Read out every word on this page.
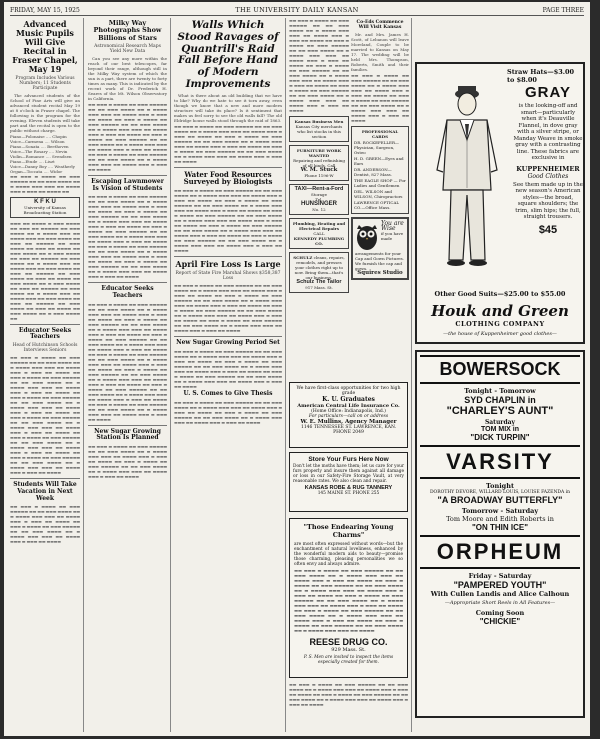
FRIDAY, MAY 15, 1925	THE UNIVERSITY DAILY KANSAN	PAGE THREE
Advanced Music Pupils Will Give Recital in Fraser Chapel, May 19
Program Includes Various Numbers; 11 Students Participate

The advanced students of the School of Fine Arts will give an advanced student recital May 19 at 8 o'clock in Fraser chapel. The following is the program for the evening. Eleven students will take part and the recital is open to the public without charge.

Piano—Polonaise .... Chopin
Voice—Carmena .... Wilson
Piano—Sonata .... Beethoven
Voice—The Rosary .... Nevin
Violin—Romance .... Svendsen
Piano—Etude .... Liszt
Voice—Danny Boy .... Weatherly
Organ—Toccata .... Widor
▬▬ ▬▬▬ ▬ ▬▬▬▬ ▬▬ ▬▬▬ ▬▬▬▬▬ ▬▬ ▬▬ ▬▬▬ ▬▬▬▬ ▬▬ ▬ ▬▬▬▬ ▬▬▬ ▬▬▬ ▬▬ ▬▬▬▬ ▬▬▬ ▬ ▬▬▬ ▬▬ ▬▬▬▬ ▬▬
K F K U
University of Kansas Broadcasting Station
▬▬▬ ▬▬ ▬▬▬▬ ▬ ▬▬▬ ▬▬▬▬ ▬▬ ▬▬▬ ▬▬ ▬▬▬▬▬ ▬▬ ▬▬▬ ▬▬▬▬ ▬▬ ▬ ▬▬▬▬ ▬▬▬ ▬▬ ▬▬▬▬ ▬▬▬ ▬▬ ▬▬▬ ▬▬▬▬ ▬▬ ▬▬▬ ▬▬ ▬▬▬▬▬ ▬▬ ▬▬▬ ▬▬▬▬ ▬▬ ▬▬▬ ▬▬ ▬▬▬▬ ▬▬ ▬▬▬ ▬▬▬▬ ▬▬ ▬ ▬▬▬ ▬▬▬▬ ▬▬ ▬▬▬ ▬▬ ▬▬▬▬▬ ▬▬ ▬▬▬ ▬▬▬▬ ▬▬ ▬ ▬▬▬▬ ▬▬▬ ▬▬ ▬▬▬▬ ▬▬▬ ▬▬ ▬▬▬ ▬▬▬▬ ▬▬ ▬▬▬ ▬▬ ▬▬▬▬▬ ▬▬ ▬▬▬ ▬▬▬▬ ▬▬ ▬▬▬ ▬▬ ▬▬▬▬ ▬▬ ▬▬▬ ▬▬▬▬ ▬▬ ▬ ▬▬▬ ▬▬▬▬ ▬▬ ▬▬▬ ▬▬ ▬▬▬▬▬ ▬▬ ▬▬▬ ▬▬▬▬ ▬▬ ▬ ▬▬▬▬ ▬▬▬ ▬▬ ▬▬▬▬ ▬▬▬ ▬▬ ▬▬▬ ▬▬▬▬ ▬▬ ▬▬▬ ▬▬ ▬▬▬▬▬ ▬▬ ▬▬▬ ▬▬▬▬ ▬▬ ▬▬▬ ▬▬ ▬▬▬▬ ▬▬ ▬▬▬ ▬▬▬▬ ▬▬ ▬ ▬▬▬ ▬▬▬▬ ▬▬
Educator Seeks Teachers
Head of Hutchinson Schools Interviews Seniors
▬▬ ▬▬▬ ▬ ▬▬▬▬ ▬▬ ▬▬▬ ▬▬▬▬▬ ▬▬ ▬▬ ▬▬▬ ▬▬▬▬ ▬▬ ▬ ▬▬▬▬ ▬▬▬ ▬▬▬ ▬▬ ▬▬▬▬ ▬▬▬ ▬ ▬▬▬ ▬▬ ▬▬▬▬ ▬▬ ▬▬▬ ▬ ▬▬▬▬ ▬▬ ▬▬▬ ▬▬▬▬▬ ▬▬ ▬▬ ▬▬▬ ▬▬▬▬ ▬▬ ▬ ▬▬▬▬ ▬▬▬ ▬▬▬ ▬▬ ▬▬▬▬ ▬▬▬ ▬ ▬▬▬ ▬▬ ▬▬▬▬ ▬▬ ▬▬▬ ▬ ▬▬▬▬ ▬▬ ▬▬▬ ▬▬▬▬▬ ▬▬ ▬▬ ▬▬▬ ▬▬▬▬ ▬▬ ▬ ▬▬▬▬ ▬▬▬ ▬▬▬ ▬▬ ▬▬▬▬ ▬▬▬ ▬ ▬▬▬ ▬▬ ▬▬▬▬ ▬▬ ▬▬▬ ▬ ▬▬▬▬ ▬▬ ▬▬▬ ▬▬▬▬▬ ▬▬ ▬▬ ▬▬▬ ▬▬▬▬ ▬▬ ▬ ▬▬▬▬ ▬▬▬ ▬▬▬ ▬▬ ▬▬▬▬ ▬▬▬ ▬ ▬▬▬ ▬▬ ▬▬▬▬ ▬▬ ▬▬▬ ▬ ▬▬▬▬ ▬▬ ▬▬▬ ▬▬▬▬▬ ▬▬ ▬▬ ▬▬▬ ▬▬▬▬ ▬▬ ▬ ▬▬▬▬ ▬▬▬ ▬▬▬ ▬▬ ▬▬▬▬ ▬▬▬ ▬ ▬▬▬ ▬▬ ▬▬▬▬ ▬▬ ▬▬▬ ▬ ▬▬▬▬ ▬▬ ▬▬▬ ▬▬▬▬▬ ▬▬ ▬▬ ▬▬▬ ▬▬▬▬ ▬▬ ▬ ▬▬▬▬ ▬▬▬ ▬▬▬ ▬▬ ▬▬▬▬ ▬▬▬ ▬ ▬▬▬ ▬▬ ▬▬▬▬
Students Will Take Vacation in Next Week
▬▬ ▬▬▬ ▬ ▬▬▬▬ ▬▬ ▬▬▬ ▬▬▬▬▬ ▬▬ ▬▬ ▬▬▬ ▬▬▬▬ ▬▬ ▬ ▬▬▬▬ ▬▬▬ ▬▬▬ ▬▬ ▬▬▬▬ ▬▬▬ ▬ ▬▬▬ ▬▬ ▬▬▬▬ ▬▬ ▬▬▬ ▬ ▬▬▬▬ ▬▬ ▬▬▬ ▬▬▬▬▬ ▬▬ ▬▬ ▬▬▬ ▬▬▬▬ ▬▬ ▬ ▬▬▬▬ ▬▬▬ ▬▬▬ ▬▬ ▬▬▬▬ ▬▬▬ ▬ ▬▬▬ ▬▬ ▬▬▬▬
Milky Way Photographs Show Billions of Stars
Astronomical Research Maps Yield New Data

Can you see any more within the reach of our best telescopes, far beyond their range, although still in the Milky Way system of which the sun is a part, there are twenty to forty times as many. This is indicated by the recent work of Dr. Frederick H. Seares of the Mt. Wilson Observatory in California.

▬▬ ▬▬▬ ▬ ▬▬▬▬ ▬▬ ▬▬▬ ▬▬▬▬▬ ▬▬ ▬▬ ▬▬▬ ▬▬▬▬ ▬▬ ▬ ▬▬▬▬ ▬▬▬ ▬▬▬ ▬▬ ▬▬▬▬ ▬▬▬ ▬ ▬▬▬ ▬▬ ▬▬▬▬ ▬▬ ▬▬▬ ▬ ▬▬▬▬ ▬▬ ▬▬▬ ▬▬▬▬▬ ▬▬ ▬▬ ▬▬▬ ▬▬▬▬ ▬▬ ▬ ▬▬▬▬ ▬▬▬ ▬▬▬ ▬▬ ▬▬▬▬ ▬▬▬ ▬ ▬▬▬ ▬▬ ▬▬▬▬ ▬▬ ▬▬▬ ▬ ▬▬▬▬ ▬▬ ▬▬▬ ▬▬▬▬▬ ▬▬ ▬▬ ▬▬▬ ▬▬▬▬ ▬▬ ▬ ▬▬▬▬ ▬▬▬ ▬▬▬ ▬▬ ▬▬▬▬ ▬▬▬ ▬ ▬▬▬ ▬▬ ▬▬▬▬ ▬▬ ▬▬▬ ▬ ▬▬▬▬ ▬▬ ▬▬▬ ▬▬▬▬▬ ▬▬ ▬▬ ▬▬▬ ▬▬▬▬ ▬▬ ▬ ▬▬▬▬ ▬▬▬ ▬▬▬ ▬▬ ▬▬▬▬ ▬▬▬ ▬ ▬▬▬ ▬▬ ▬▬▬▬
Escaping Lawnmower Is Vision of Students
▬▬ ▬▬▬ ▬ ▬▬▬▬ ▬▬ ▬▬▬ ▬▬▬▬▬ ▬▬ ▬▬ ▬▬▬ ▬▬▬▬ ▬▬ ▬ ▬▬▬▬ ▬▬▬ ▬▬▬ ▬▬ ▬▬▬▬ ▬▬▬ ▬ ▬▬▬ ▬▬ ▬▬▬▬ ▬▬ ▬▬▬ ▬ ▬▬▬▬ ▬▬ ▬▬▬ ▬▬▬▬▬ ▬▬ ▬▬ ▬▬▬ ▬▬▬▬ ▬▬ ▬ ▬▬▬▬ ▬▬▬ ▬▬▬ ▬▬ ▬▬▬▬ ▬▬▬ ▬ ▬▬▬ ▬▬ ▬▬▬▬ ▬▬ ▬▬▬ ▬ ▬▬▬▬ ▬▬ ▬▬▬ ▬▬▬▬▬ ▬▬ ▬▬ ▬▬▬ ▬▬▬▬ ▬▬ ▬ ▬▬▬▬ ▬▬▬ ▬▬▬ ▬▬ ▬▬▬▬ ▬▬▬ ▬ ▬▬▬ ▬▬ ▬▬▬▬ ▬▬ ▬▬▬ ▬ ▬▬▬▬ ▬▬ ▬▬▬ ▬▬▬▬▬ ▬▬ ▬▬ ▬▬▬ ▬▬▬▬ ▬▬ ▬ ▬▬▬▬ ▬▬▬ ▬▬▬ ▬▬ ▬▬▬▬ ▬▬▬ ▬ ▬▬▬ ▬▬ ▬▬▬▬ ▬▬ ▬▬▬ ▬ ▬▬▬▬ ▬▬ ▬▬▬ ▬▬▬▬▬ ▬▬ ▬▬ ▬▬▬ ▬▬▬▬ ▬▬ ▬ ▬▬▬▬ ▬▬▬ ▬▬▬ ▬▬ ▬▬▬▬ ▬▬▬ ▬ ▬▬▬ ▬▬ ▬▬▬▬
Educator Seeks Teachers
▬▬ ▬▬▬ ▬ ▬▬▬▬ ▬▬ ▬▬▬ ▬▬▬▬▬ ▬▬ ▬▬ ▬▬▬ ▬▬▬▬ ▬▬ ▬ ▬▬▬▬ ▬▬▬ ▬▬▬ ▬▬ ▬▬▬▬ ▬▬▬ ▬ ▬▬▬ ▬▬ ▬▬▬▬ ▬▬ ▬▬▬ ▬ ▬▬▬▬ ▬▬ ▬▬▬ ▬▬▬▬▬ ▬▬ ▬▬ ▬▬▬ ▬▬▬▬ ▬▬ ▬ ▬▬▬▬ ▬▬▬ ▬▬▬ ▬▬ ▬▬▬▬ ▬▬▬ ▬ ▬▬▬ ▬▬ ▬▬▬▬ ▬▬ ▬▬▬ ▬ ▬▬▬▬ ▬▬ ▬▬▬ ▬▬▬▬▬ ▬▬ ▬▬ ▬▬▬ ▬▬▬▬ ▬▬ ▬ ▬▬▬▬ ▬▬▬ ▬▬▬ ▬▬ ▬▬▬▬ ▬▬▬ ▬ ▬▬▬ ▬▬ ▬▬▬▬ ▬▬ ▬▬▬ ▬ ▬▬▬▬ ▬▬ ▬▬▬ ▬▬▬▬▬ ▬▬ ▬▬ ▬▬▬ ▬▬▬▬ ▬▬ ▬ ▬▬▬▬ ▬▬▬ ▬▬▬ ▬▬ ▬▬▬▬ ▬▬▬ ▬ ▬▬▬ ▬▬ ▬▬▬▬ ▬▬ ▬▬▬ ▬ ▬▬▬▬ ▬▬ ▬▬▬ ▬▬▬▬▬ ▬▬ ▬▬ ▬▬▬ ▬▬▬▬ ▬▬ ▬ ▬▬▬▬ ▬▬▬ ▬▬▬ ▬▬ ▬▬▬▬ ▬▬▬ ▬ ▬▬▬ ▬▬ ▬▬▬▬ ▬▬ ▬▬▬ ▬ ▬▬▬▬ ▬▬ ▬▬▬ ▬▬▬▬▬ ▬▬ ▬▬ ▬▬▬ ▬▬▬▬ ▬▬ ▬ ▬▬▬▬ ▬▬▬ ▬▬▬ ▬▬ ▬▬▬▬ ▬▬▬ ▬ ▬▬▬ ▬▬ ▬▬▬▬ ▬▬ ▬▬▬ ▬ ▬▬▬▬ ▬▬ ▬▬▬ ▬▬▬▬▬ ▬▬ ▬▬ ▬▬▬ ▬▬▬▬ ▬▬ ▬ ▬▬▬▬ ▬▬▬ ▬▬▬ ▬▬ ▬▬▬▬ ▬▬▬ ▬ ▬▬▬ ▬▬ ▬▬▬▬
New Sugar Growing Station Is Planned
▬▬ ▬▬▬ ▬ ▬▬▬▬ ▬▬ ▬▬▬ ▬▬▬▬▬ ▬▬ ▬▬ ▬▬▬ ▬▬▬▬ ▬▬ ▬ ▬▬▬▬ ▬▬▬ ▬▬▬ ▬▬ ▬▬▬▬ ▬▬▬ ▬ ▬▬▬ ▬▬ ▬▬▬▬ ▬▬ ▬▬▬ ▬ ▬▬▬▬ ▬▬ ▬▬▬ ▬▬▬▬▬ ▬▬ ▬▬ ▬▬▬ ▬▬▬▬ ▬▬ ▬ ▬▬▬▬ ▬▬▬ ▬▬▬ ▬▬ ▬▬▬▬ ▬▬▬ ▬ ▬▬▬ ▬▬ ▬▬▬▬
Walls Which Stood Ravages of Quantrill's Raid Fall Before Hand of Modern Improvements

What is there about an old building that we have to like? Why do we hate to see it torn away, even though we know that a new and more modern structure will take its place? Is it sentiment that makes us feel sorry to see the old walls fall? The old Eldridge house walls stood through the raid of 1863.

▬▬ ▬▬▬ ▬ ▬▬▬▬ ▬▬ ▬▬▬ ▬▬▬▬▬ ▬▬ ▬▬ ▬▬▬ ▬▬▬▬ ▬▬ ▬ ▬▬▬▬ ▬▬▬ ▬▬▬ ▬▬ ▬▬▬▬ ▬▬▬ ▬ ▬▬▬ ▬▬ ▬▬▬▬ ▬▬ ▬▬▬ ▬ ▬▬▬▬ ▬▬ ▬▬▬ ▬▬▬▬▬ ▬▬ ▬▬ ▬▬▬ ▬▬▬▬ ▬▬ ▬ ▬▬▬▬ ▬▬▬ ▬▬▬ ▬▬ ▬▬▬▬ ▬▬▬ ▬ ▬▬▬ ▬▬ ▬▬▬▬ ▬▬ ▬▬▬ ▬ ▬▬▬▬ ▬▬ ▬▬▬ ▬▬▬▬▬ ▬▬ ▬▬ ▬▬▬ ▬▬▬▬ ▬▬ ▬ ▬▬▬▬ ▬▬▬ ▬▬▬ ▬▬ ▬▬▬▬ ▬▬▬ ▬ ▬▬▬ ▬▬ ▬▬▬▬
Water Food Resources Surveyed by Biologists
▬▬ ▬▬▬ ▬ ▬▬▬▬ ▬▬ ▬▬▬ ▬▬▬▬▬ ▬▬ ▬▬ ▬▬▬ ▬▬▬▬ ▬▬ ▬ ▬▬▬▬ ▬▬▬ ▬▬▬ ▬▬ ▬▬▬▬ ▬▬▬ ▬ ▬▬▬ ▬▬ ▬▬▬▬ ▬▬ ▬▬▬ ▬ ▬▬▬▬ ▬▬ ▬▬▬ ▬▬▬▬▬ ▬▬ ▬▬ ▬▬▬ ▬▬▬▬ ▬▬ ▬ ▬▬▬▬ ▬▬▬ ▬▬▬ ▬▬ ▬▬▬▬ ▬▬▬ ▬ ▬▬▬ ▬▬ ▬▬▬▬ ▬▬ ▬▬▬ ▬ ▬▬▬▬ ▬▬ ▬▬▬ ▬▬▬▬▬ ▬▬ ▬▬ ▬▬▬ ▬▬▬▬ ▬▬ ▬ ▬▬▬▬ ▬▬▬ ▬▬▬ ▬▬ ▬▬▬▬ ▬▬▬ ▬ ▬▬▬ ▬▬ ▬▬▬▬ ▬▬ ▬▬▬ ▬ ▬▬▬▬ ▬▬ ▬▬▬ ▬▬▬▬▬ ▬▬ ▬▬ ▬▬▬ ▬▬▬▬ ▬▬ ▬ ▬▬▬▬ ▬▬▬ ▬▬▬ ▬▬ ▬▬▬▬ ▬▬▬ ▬ ▬▬▬ ▬▬ ▬▬▬▬ ▬▬ ▬▬▬ ▬ ▬▬▬▬ ▬▬ ▬▬▬ ▬▬▬▬▬ ▬▬ ▬▬ ▬▬▬ ▬▬▬▬ ▬▬ ▬ ▬▬▬▬ ▬▬▬ ▬▬▬ ▬▬ ▬▬▬▬ ▬▬▬ ▬ ▬▬▬ ▬▬ ▬▬▬▬
April Fire Loss Is Large
Report of State Fire Marshal Shows $358,387 Loss
▬▬ ▬▬▬ ▬ ▬▬▬▬ ▬▬ ▬▬▬ ▬▬▬▬▬ ▬▬ ▬▬ ▬▬▬ ▬▬▬▬ ▬▬ ▬ ▬▬▬▬ ▬▬▬ ▬▬▬ ▬▬ ▬▬▬▬ ▬▬▬ ▬ ▬▬▬ ▬▬ ▬▬▬▬ ▬▬ ▬▬▬ ▬ ▬▬▬▬ ▬▬ ▬▬▬ ▬▬▬▬▬ ▬▬ ▬▬ ▬▬▬ ▬▬▬▬ ▬▬ ▬ ▬▬▬▬ ▬▬▬ ▬▬▬ ▬▬ ▬▬▬▬ ▬▬▬ ▬ ▬▬▬ ▬▬ ▬▬▬▬ ▬▬ ▬▬▬ ▬ ▬▬▬▬ ▬▬ ▬▬▬ ▬▬▬▬▬ ▬▬ ▬▬ ▬▬▬ ▬▬▬▬ ▬▬ ▬ ▬▬▬▬ ▬▬▬ ▬▬▬ ▬▬ ▬▬▬▬ ▬▬▬ ▬ ▬▬▬ ▬▬ ▬▬▬▬ ▬▬ ▬▬▬ ▬ ▬▬▬▬ ▬▬ ▬▬▬ ▬▬▬▬▬ ▬▬ ▬▬ ▬▬▬ ▬▬▬▬ ▬▬ ▬ ▬▬▬▬ ▬▬▬ ▬▬▬ ▬▬ ▬▬▬▬ ▬▬▬ ▬ ▬▬▬ ▬▬ ▬▬▬▬
New Sugar Growing Period Set
▬▬ ▬▬▬ ▬ ▬▬▬▬ ▬▬ ▬▬▬ ▬▬▬▬▬ ▬▬ ▬▬ ▬▬▬ ▬▬▬▬ ▬▬ ▬ ▬▬▬▬ ▬▬▬ ▬▬▬ ▬▬ ▬▬▬▬ ▬▬▬ ▬ ▬▬▬ ▬▬ ▬▬▬▬ ▬▬ ▬▬▬ ▬ ▬▬▬▬ ▬▬ ▬▬▬ ▬▬▬▬▬ ▬▬ ▬▬ ▬▬▬ ▬▬▬▬ ▬▬ ▬ ▬▬▬▬ ▬▬▬ ▬▬▬ ▬▬ ▬▬▬▬ ▬▬▬ ▬ ▬▬▬ ▬▬ ▬▬▬▬ ▬▬ ▬▬▬ ▬ ▬▬▬▬ ▬▬ ▬▬▬ ▬▬▬▬▬ ▬▬ ▬▬ ▬▬▬ ▬▬▬▬ ▬▬ ▬ ▬▬▬▬ ▬▬▬ ▬▬▬ ▬▬ ▬▬▬▬ ▬▬▬ ▬ ▬▬▬ ▬▬ ▬▬▬▬
U. S. Comes to Give Thesis
▬▬ ▬▬▬ ▬ ▬▬▬▬ ▬▬ ▬▬▬ ▬▬▬▬▬ ▬▬ ▬▬ ▬▬▬ ▬▬▬▬ ▬▬ ▬ ▬▬▬▬ ▬▬▬ ▬▬▬ ▬▬ ▬▬▬▬ ▬▬▬ ▬ ▬▬▬ ▬▬ ▬▬▬▬ ▬▬ ▬▬▬ ▬ ▬▬▬▬ ▬▬ ▬▬▬ ▬▬▬▬▬ ▬▬ ▬▬ ▬▬▬ ▬▬▬▬ ▬▬ ▬ ▬▬▬▬ ▬▬▬ ▬▬▬ ▬▬ ▬▬▬▬ ▬▬▬ ▬ ▬▬▬ ▬▬ ▬▬▬▬
▬▬ ▬▬▬ ▬ ▬▬▬▬ ▬▬ ▬▬▬ ▬▬▬▬▬ ▬▬ ▬▬ ▬▬▬ ▬▬▬▬ ▬▬ ▬ ▬▬▬▬ ▬▬▬ ▬▬▬ ▬▬ ▬▬▬▬ ▬▬▬ ▬ ▬▬▬ ▬▬ ▬▬▬▬ ▬▬ ▬▬▬ ▬ ▬▬▬▬ ▬▬ ▬▬▬ ▬▬▬▬▬ ▬▬ ▬▬ ▬▬▬ ▬▬▬▬ ▬▬ ▬ ▬▬▬▬ ▬▬▬ ▬▬▬ ▬▬ ▬▬▬▬ ▬▬▬ ▬ ▬▬▬ ▬▬ ▬▬▬▬ ▬▬ ▬▬▬ ▬ ▬▬▬▬ ▬▬ ▬▬▬ ▬▬▬▬▬ ▬▬ ▬▬ ▬▬▬ ▬▬▬▬ ▬▬ ▬ ▬▬▬▬ ▬▬▬ ▬▬▬ ▬▬ ▬▬▬▬ ▬▬▬ ▬ ▬▬▬ ▬▬ ▬▬▬▬ ▬▬ ▬▬▬ ▬ ▬▬▬▬ ▬▬ ▬▬▬ ▬▬▬▬▬ ▬▬ ▬▬ ▬▬▬ ▬▬▬▬ ▬▬ ▬ ▬▬▬▬ ▬▬▬ ▬▬▬ ▬▬ ▬▬▬▬ ▬▬▬ ▬ ▬▬▬ ▬▬ ▬▬▬▬
Kansas Business Men
Kansas City merchants who list stocks in this section
FURNITURE WORK WANTED
Repairing and refinishing of all kinds. Call
W. M. Stuck
Phone 1196-W
TAXI—Rent-a-Ford
Storage
Tel.
HUNSINGER
No. 12
Plumbing, Heating and Electrical Repairs
CALL
KENNEDY PLUMBING CO.
SCHULZ cleans, repairs, remodels, and presses your clothes right up to now. Bring them—that's our business.
Schulz The Tailor
917 Mass. St.
Co-Eds Commence Will Visit Kansas

Mr. and Mrs. James H. Scott, of Lebanon will leave Moreland, Couple to be married to Kansas on May 17. The wedding will be held Mrs. Thompson, Roberts, Smith and their families.

▬▬ ▬▬▬ ▬ ▬▬▬▬ ▬▬ ▬▬▬ ▬▬▬▬▬ ▬▬ ▬▬ ▬▬▬ ▬▬▬▬ ▬▬ ▬ ▬▬▬▬ ▬▬▬ ▬▬▬ ▬▬ ▬▬▬▬ ▬▬▬ ▬ ▬▬▬ ▬▬ ▬▬▬▬ ▬▬ ▬▬▬ ▬ ▬▬▬▬ ▬▬ ▬▬▬ ▬▬▬▬▬ ▬▬ ▬▬ ▬▬▬ ▬▬▬▬ ▬▬ ▬ ▬▬▬▬ ▬▬▬ ▬▬▬ ▬▬ ▬▬▬▬ ▬▬▬ ▬ ▬▬▬ ▬▬ ▬▬▬▬
PROFESSIONAL CARDS
DR. ROCKEFELLER—Physician, Surgeon, Osteo
H. D. GREEN—Eyes and Ears
DR. ANDERSON—Dentist, 827 Mass.
THE EAGLE SHOP — For Ladies and Gentlemen
DEL. WILSON and WILSON, Chiropractors
LAWRENCE OPTICAL CO.—Office Mass.
You are Wise
if you have made arrangements for your Cap and Gown Pictures.
We furnish the cap and gown.
Squires Studio
We have first-class opportunities for two high grade
K. U. Graduates
American Central Life Insurance Co.
(Home Office: Indianapolis, Ind.)
For particulars—call on or address
W. E. Mullins, Agency Manager
1146 TENNESSEE ST. LAWRENCE, KAN.
PHONE 2049
Store Your Furs Here Now
Don't let the moths have them; let us care for your furs properly and insure them against all damage or loss in our Safety-Fire Storage Vault, at very reasonable rates. We also clean and repair.
KANSAS ROBE & RUG TANNERY
145 MAINE ST. PHONE 255
"Those Endearing Young Charms"
are most often expressed without words—but the enchantment of natural loveliness, enhanced by the wonderful modern aids to beauty—promise those charming, pleasing personalities we so often envy and always admire.
▬▬ ▬▬▬ ▬ ▬▬▬▬ ▬▬ ▬▬▬ ▬▬▬▬▬ ▬▬ ▬▬ ▬▬▬ ▬▬▬▬ ▬▬ ▬ ▬▬▬▬ ▬▬▬ ▬▬▬ ▬▬ ▬▬▬▬ ▬▬▬ ▬ ▬▬▬ ▬▬ ▬▬▬▬ ▬▬ ▬▬▬ ▬ ▬▬▬▬ ▬▬ ▬▬▬ ▬▬▬▬▬ ▬▬ ▬▬ ▬▬▬ ▬▬▬▬ ▬▬ ▬ ▬▬▬▬ ▬▬▬ ▬▬▬ ▬▬ ▬▬▬▬ ▬▬▬ ▬ ▬▬▬ ▬▬ ▬▬▬▬ ▬▬ ▬▬▬ ▬ ▬▬▬▬ ▬▬ ▬▬▬ ▬▬▬▬▬ ▬▬ ▬▬ ▬▬▬ ▬▬▬▬ ▬▬ ▬ ▬▬▬▬ ▬▬▬ ▬▬▬ ▬▬ ▬▬▬▬ ▬▬▬ ▬ ▬▬▬ ▬▬ ▬▬▬▬ ▬▬ ▬▬▬ ▬ ▬▬▬▬ ▬▬ ▬▬▬ ▬▬▬▬▬ ▬▬ ▬▬ ▬▬▬ ▬▬▬▬ ▬▬ ▬ ▬▬▬▬ ▬▬▬ ▬▬▬ ▬▬ ▬▬▬▬ ▬▬▬ ▬ ▬▬▬ ▬▬ ▬▬▬▬ ▬▬ ▬▬▬ ▬ ▬▬▬▬ ▬▬ ▬▬▬ ▬▬▬▬▬ ▬▬ ▬▬ ▬▬▬ ▬▬▬▬ ▬▬ ▬ ▬▬▬▬ ▬▬▬ ▬▬▬ ▬▬ ▬▬▬▬
REESE DRUG CO.
929 Mass. St.
P. S. Men are invited to inspect the items especially created for them.
▬▬ ▬▬▬ ▬ ▬▬▬▬ ▬▬ ▬▬▬ ▬▬▬▬▬ ▬▬ ▬▬ ▬▬▬ ▬▬▬▬ ▬▬ ▬ ▬▬▬▬ ▬▬▬ ▬▬▬ ▬▬ ▬▬▬▬ ▬▬▬ ▬ ▬▬▬ ▬▬ ▬▬▬▬ ▬▬ ▬▬▬ ▬ ▬▬▬▬ ▬▬ ▬▬▬ ▬▬▬▬▬ ▬▬ ▬▬ ▬▬▬ ▬▬▬▬ ▬▬ ▬ ▬▬▬▬ ▬▬▬ ▬▬▬ ▬▬ ▬▬▬▬ ▬▬▬ ▬ ▬▬▬ ▬▬ ▬▬▬▬
Straw Hats—$3.00 to $8.00
GRAY
is the looking-off and smart—particularly when it's Deauville Flannel, in dove gray with a silver stripe, or Manday Weave in smoke gray with a contrasting line. These fabrics are exclusive in
KUPPENHEIMER
Good Clothes
See them made up in the new season's American styles—the broad, square shoulders; the trim, slim hips; the full, straight trousers.
$45
Other Good Suits—$25.00 to $55.00
Houk and Green
CLOTHING COMPANY
—the house of Kuppenheimer good clothes—
BOWERSOCK

Tonight - Tomorrow

SYD CHAPLIN in

"CHARLEY'S AUNT"

Saturday

TOM MIX in

"DICK TURPIN"

VARSITY

Tonight

DOROTHY DEVORE, WILLARD LOUIS, LOUISE FAZENDA in

"A BROADWAY BUTTERFLY"

Tomorrow - Saturday

Tom Moore and Edith Roberts in

"ON THIN ICE"

ORPHEUM

Friday - Saturday

"PAMPERED YOUTH"

With Cullen Landis and Alice Calhoun

—Appropriate Short Reels in All Features—

Coming Soon

"CHICKIE"
